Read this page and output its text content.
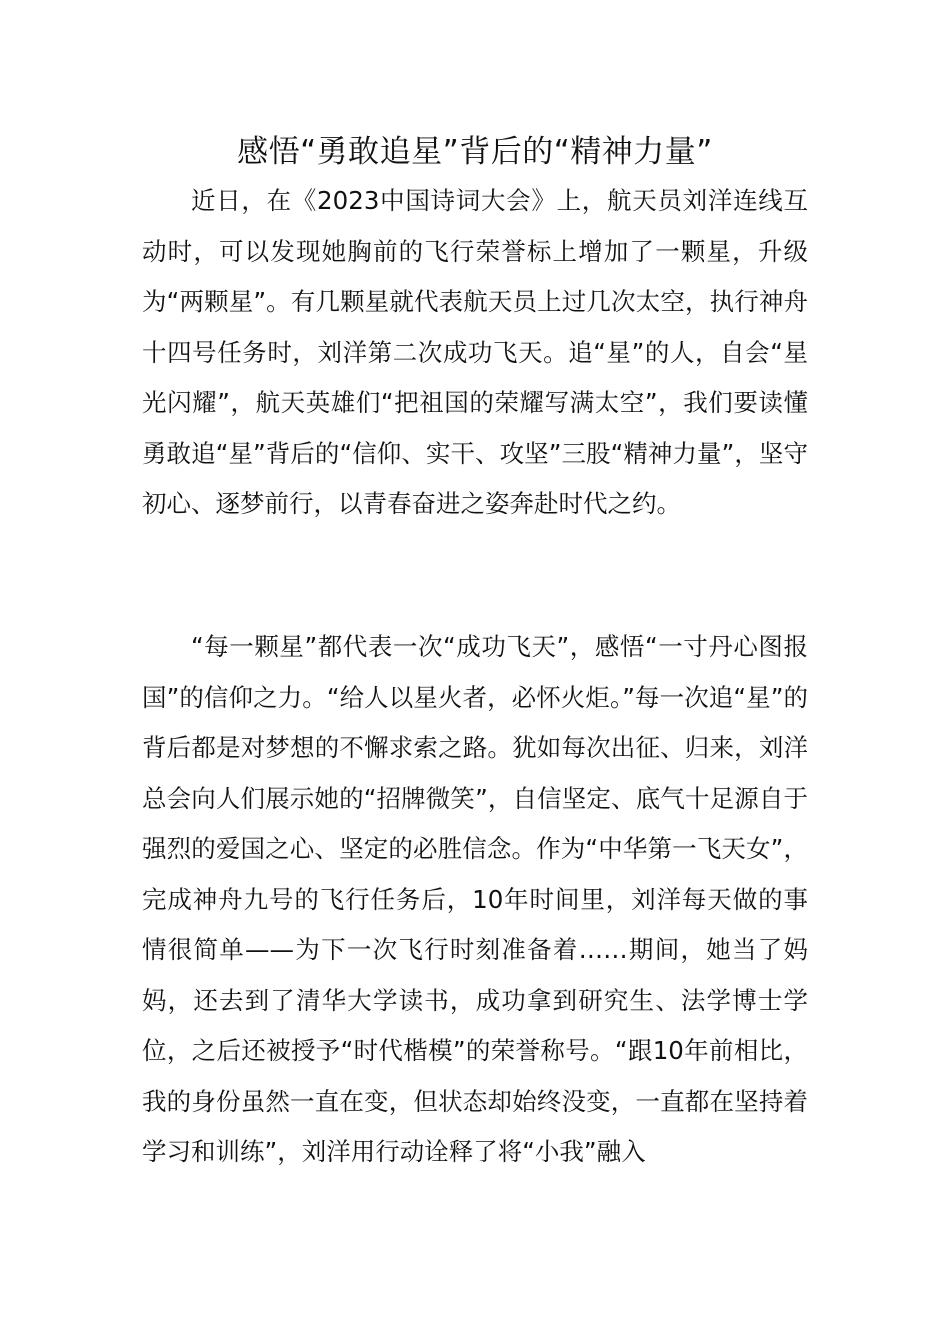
感悟“勇敢追星”背后的“精神力量”

近日，在《2023中国诗词大会》上，航天员刘洋连线互动时，可以发现她胸前的飞行荣誉标上增加了一颗星，升级为“两颗星”。有几颗星就代表航天员上过几次太空，执行神舟十四号任务时，刘洋第二次成功飞天。追“星”的人，自会“星光闪耀”，航天英雄们“把祖国的荣耀写满太空”，我们要读懂勇敢追“星”背后的“信仰、实干、攻坚”三股“精神力量”，坚守初心、逐梦前行，以青春奋进之姿奔赴时代之约。

“每一颗星”都代表一次“成功飞天”，感悟“一寸丹心图报国”的信仰之力。“给人以星火者，必怀火炬。”每一次追“星”的背后都是对梦想的不懈求索之路。犹如每次出征、归来，刘洋总会向人们展示她的“招牌微笑”，自信坚定、底气十足源自于强烈的爱国之心、坚定的必胜信念。作为“中华第一飞天女”，完成神舟九号的飞行任务后，10年时间里，刘洋每天做的事情很简单——为下一次飞行时刻准备着……期间，她当了妈妈，还去到了清华大学读书，成功拿到研究生、法学博士学位，之后还被授予“时代楷模”的荣誉称号。“跟10年前相比，我的身份虽然一直在变，但状态却始终没变，一直都在坚持着学习和训练”，刘洋用行动诠释了将“小我”融入
